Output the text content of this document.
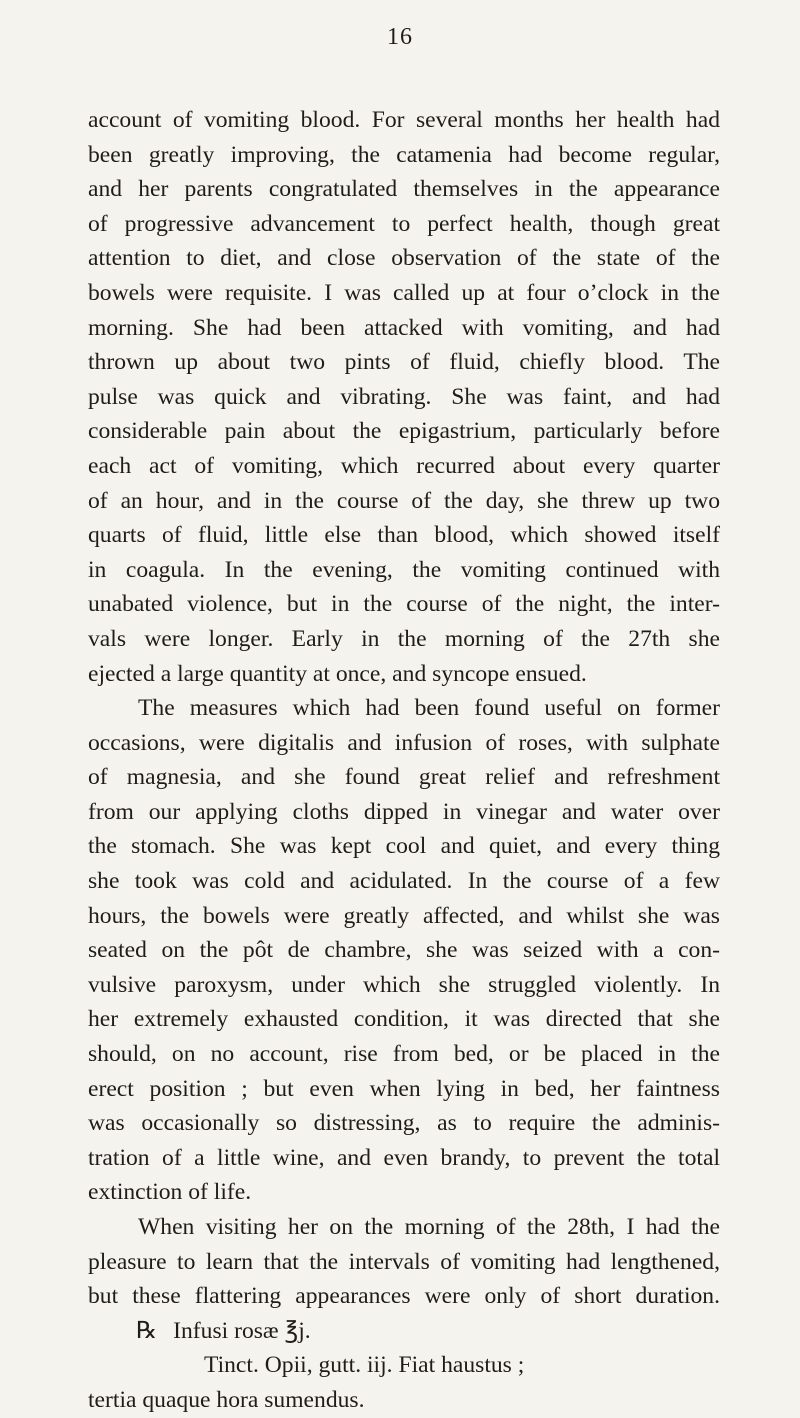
16
account of vomiting blood. For several months her health had
been greatly improving, the catamenia had become regular,
and her parents congratulated themselves in the appearance
of progressive advancement to perfect health, though great
attention to diet, and close observation of the state of the
bowels were requisite. I was called up at four o’clock in the
morning. She had been attacked with vomiting, and had
thrown up about two pints of fluid, chiefly blood. The
pulse was quick and vibrating. She was faint, and had
considerable pain about the epigastrium, particularly before
each act of vomiting, which recurred about every quarter
of an hour, and in the course of the day, she threw up two
quarts of fluid, little else than blood, which showed itself
in coagula. In the evening, the vomiting continued with
unabated violence, but in the course of the night, the inter-
vals were longer. Early in the morning of the 27th she
ejected a large quantity at once, and syncope ensued.
The measures which had been found useful on former
occasions, were digitalis and infusion of roses, with sulphate
of magnesia, and she found great relief and refreshment
from our applying cloths dipped in vinegar and water over
the stomach. She was kept cool and quiet, and every thing
she took was cold and acidulated. In the course of a few
hours, the bowels were greatly affected, and whilst she was
seated on the pôt de chambre, she was seized with a con-
vulsive paroxysm, under which she struggled violently. In
her extremely exhausted condition, it was directed that she
should, on no account, rise from bed, or be placed in the
erect position ; but even when lying in bed, her faintness
was occasionally so distressing, as to require the adminis-
tration of a little wine, and even brandy, to prevent the total
extinction of life.
When visiting her on the morning of the 28th, I had the
pleasure to learn that the intervals of vomiting had lengthened,
but these flattering appearances were only of short duration.
℞ Infusi rosæ ℥j.
Tinct. Opii, gutt. iij. Fiat haustus ;
tertia quaque hora sumendus.
